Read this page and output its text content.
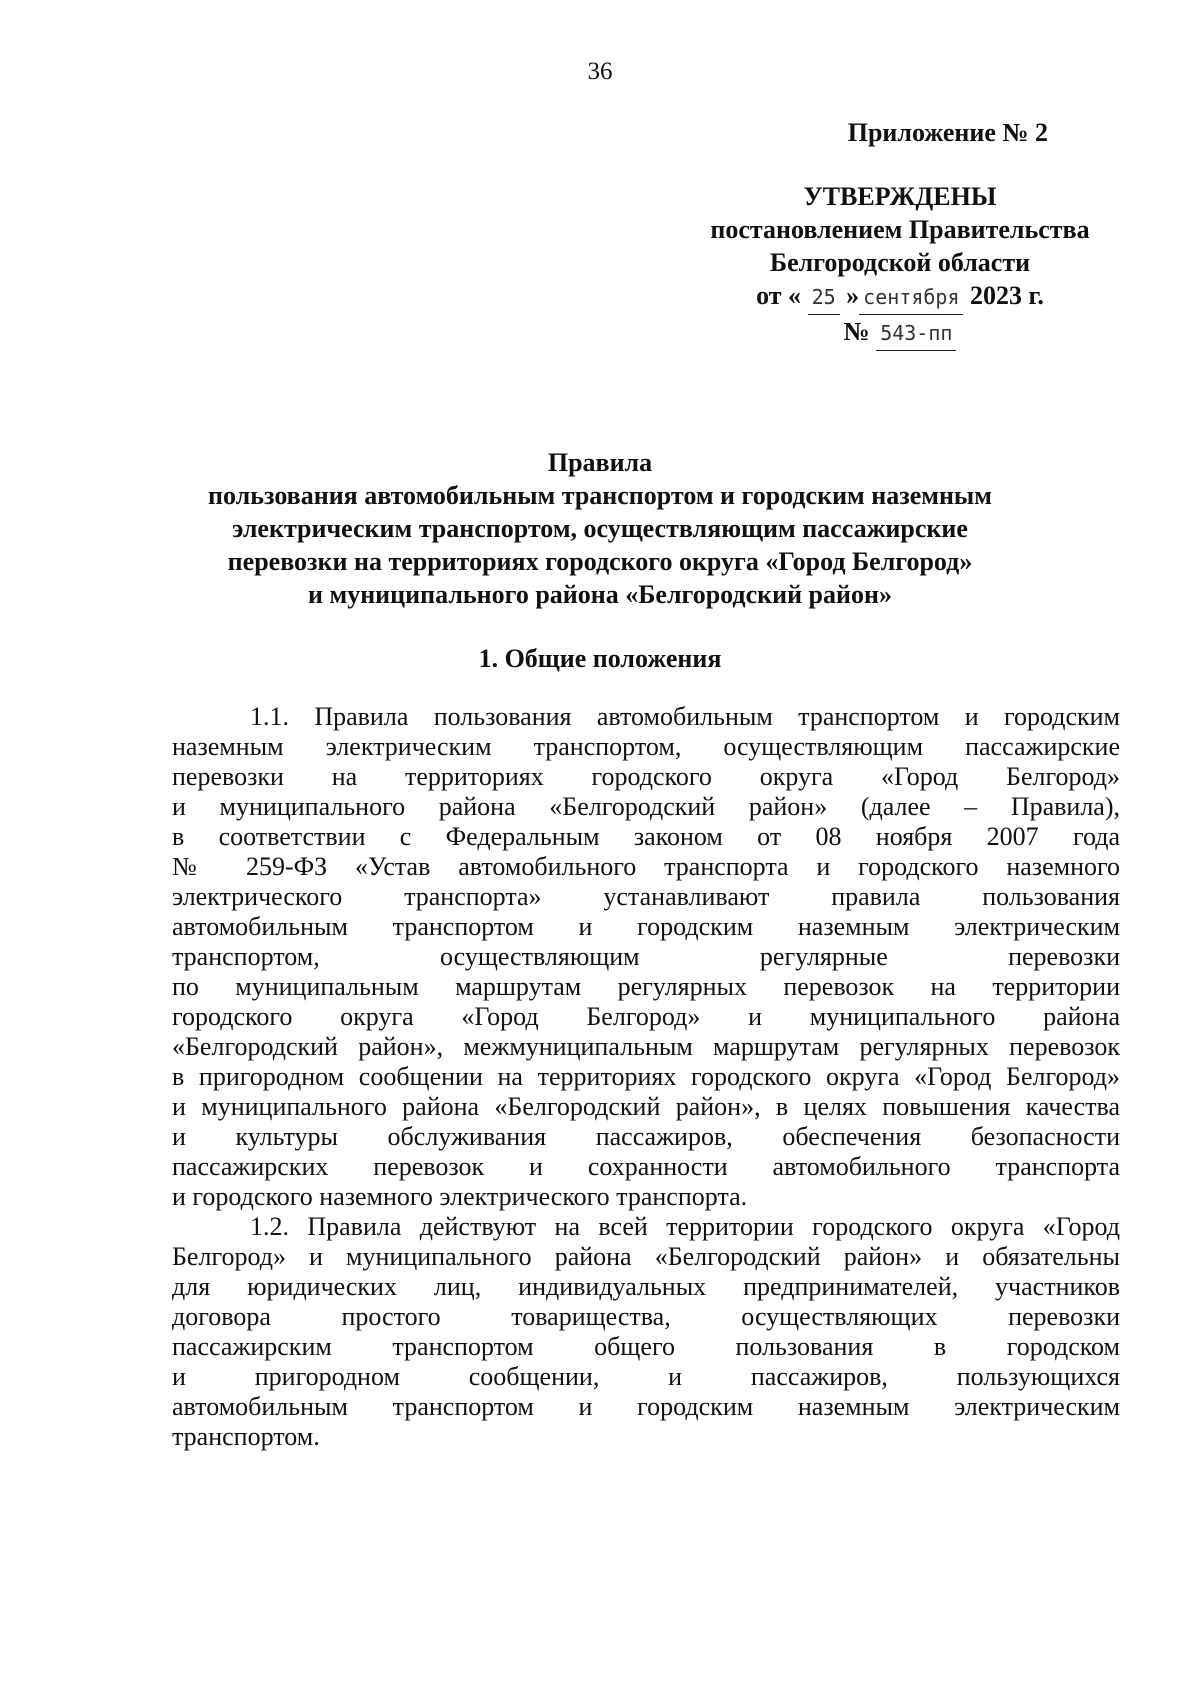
36
Приложение № 2
УТВЕРЖДЕНЫ
постановлением Правительства
Белгородской области
от « 25 » сентября 2023 г.
№ 543-пп
Правила
пользования автомобильным транспортом и городским наземным
электрическим транспортом, осуществляющим пассажирские
перевозки на территориях городского округа «Город Белгород»
и муниципального района «Белгородский район»
1. Общие положения
1.1. Правила пользования автомобильным транспортом и городским
наземным электрическим транспортом, осуществляющим пассажирские
перевозки на территориях городского округа «Город Белгород»
и муниципального района «Белгородский район» (далее – Правила),
в соответствии с Федеральным законом от 08 ноября 2007 года
№ 259-ФЗ «Устав автомобильного транспорта и городского наземного
электрического транспорта» устанавливают правила пользования
автомобильным транспортом и городским наземным электрическим
транспортом, осуществляющим регулярные перевозки
по муниципальным маршрутам регулярных перевозок на территории
городского округа «Город Белгород» и муниципального района
«Белгородский район», межмуниципальным маршрутам регулярных перевозок
в пригородном сообщении на территориях городского округа «Город Белгород»
и муниципального района «Белгородский район», в целях повышения качества
и культуры обслуживания пассажиров, обеспечения безопасности
пассажирских перевозок и сохранности автомобильного транспорта
и городского наземного электрического транспорта.
1.2. Правила действуют на всей территории городского округа «Город
Белгород» и муниципального района «Белгородский район» и обязательны
для юридических лиц, индивидуальных предпринимателей, участников
договора простого товарищества, осуществляющих перевозки
пассажирским транспортом общего пользования в городском
и пригородном сообщении, и пассажиров, пользующихся
автомобильным транспортом и городским наземным электрическим
транспортом.
